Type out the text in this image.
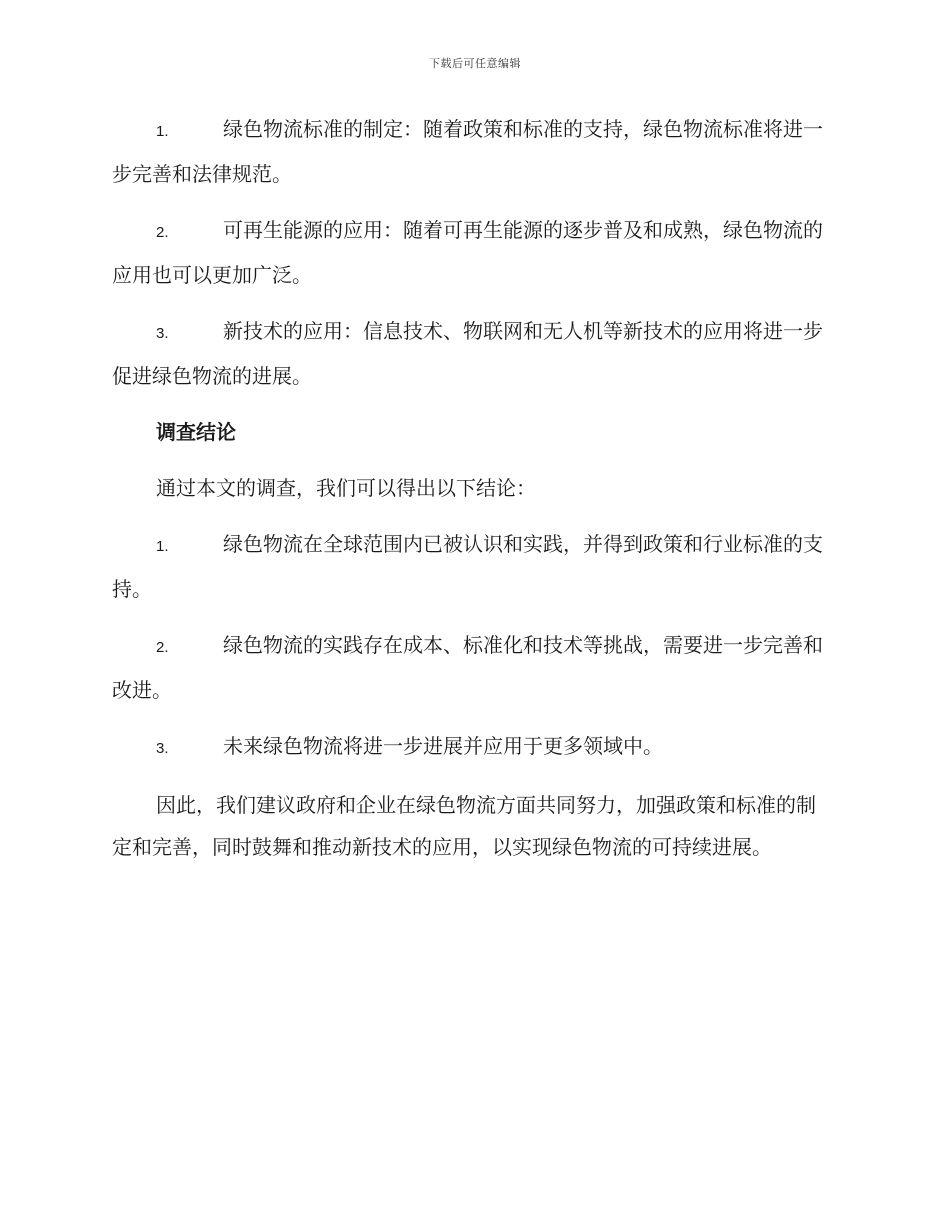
下载后可任意编辑

1.	绿色物流标准的制定：随着政策和标准的支持，绿色物流标准将进一步完善和法律规范。

2.	可再生能源的应用：随着可再生能源的逐步普及和成熟，绿色物流的应用也可以更加广泛。

3.	新技术的应用：信息技术、物联网和无人机等新技术的应用将进一步促进绿色物流的进展。

调查结论

通过本文的调查，我们可以得出以下结论：

1.	绿色物流在全球范围内已被认识和实践，并得到政策和行业标准的支持。

2.	绿色物流的实践存在成本、标准化和技术等挑战，需要进一步完善和改进。

3.	未来绿色物流将进一步进展并应用于更多领域中。

因此，我们建议政府和企业在绿色物流方面共同努力，加强政策和标准的制定和完善，同时鼓舞和推动新技术的应用，以实现绿色物流的可持续进展。
